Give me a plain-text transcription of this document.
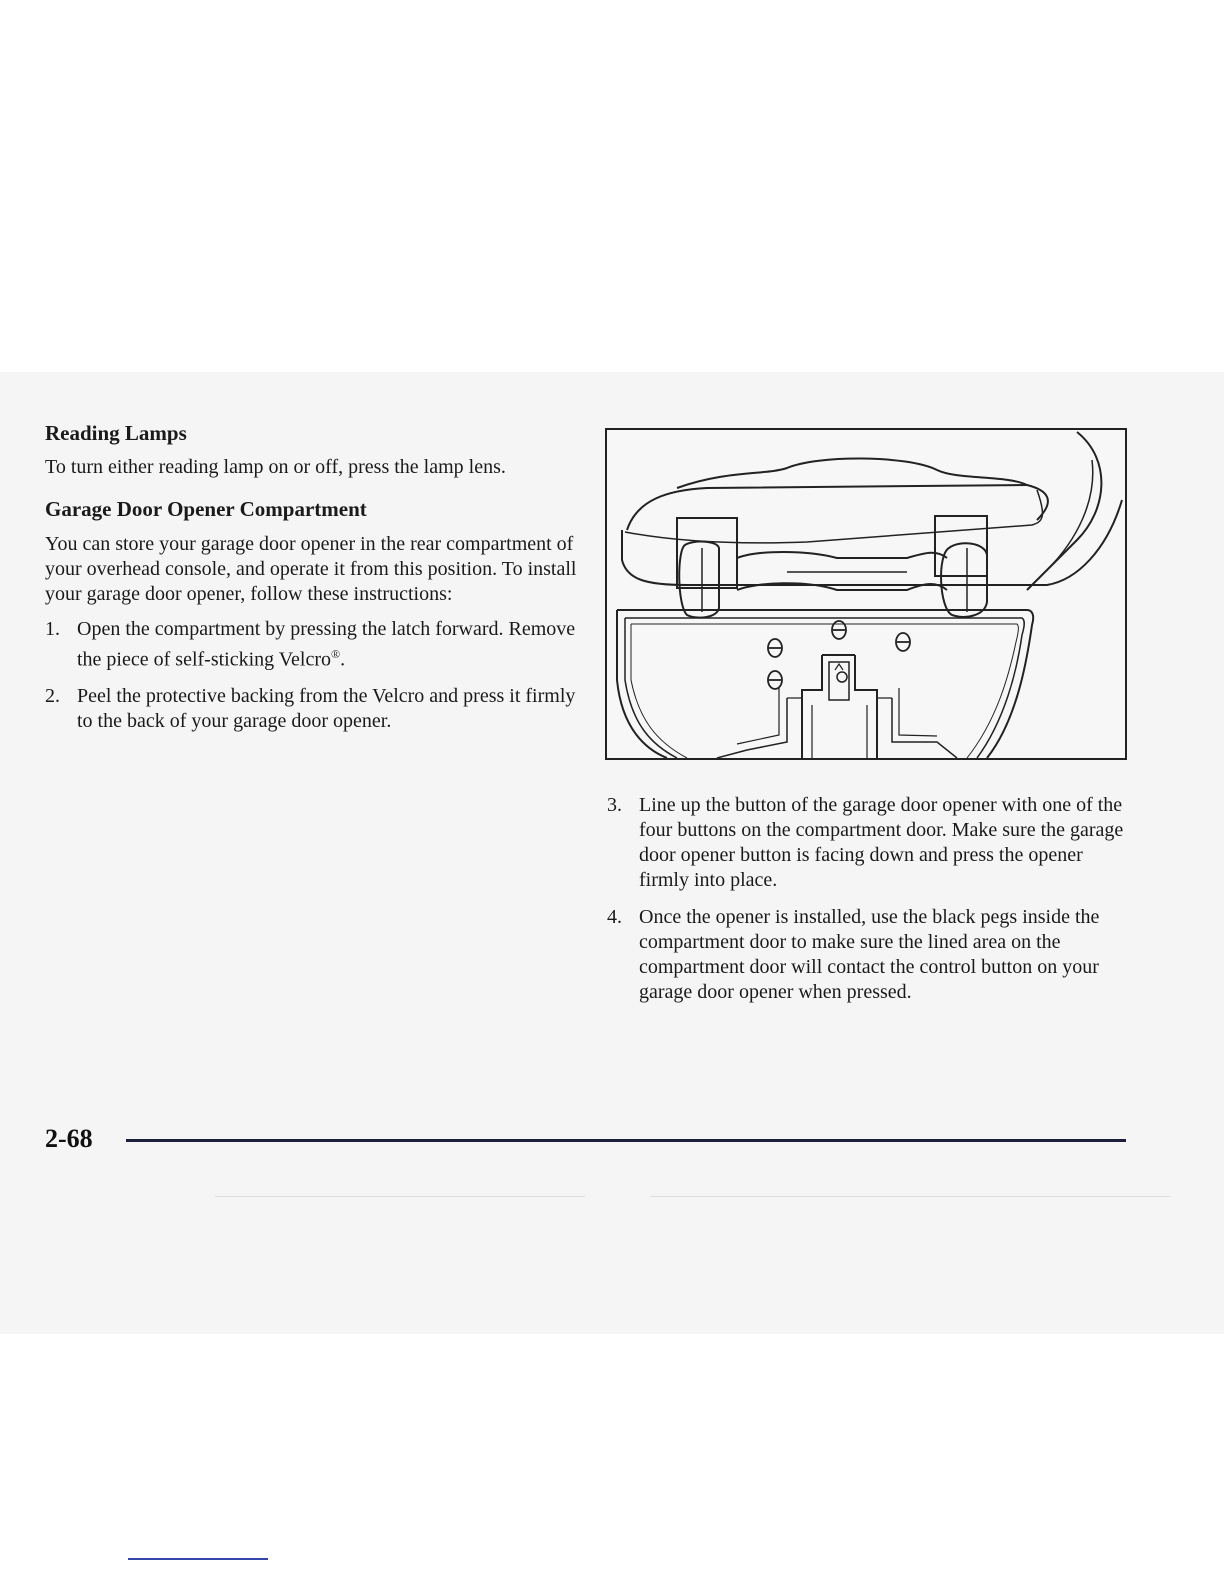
Reading Lamps

To turn either reading lamp on or off, press the lamp lens.

Garage Door Opener Compartment

You can store your garage door opener in the rear compartment of your overhead console, and operate it from this position. To install your garage door opener, follow these instructions:

1. Open the compartment by pressing the latch forward. Remove the piece of self-sticking Velcro®.
2. Peel the protective backing from the Velcro and press it firmly to the back of your garage door opener.
3. Line up the button of the garage door opener with one of the four buttons on the compartment door. Make sure the garage door opener button is facing down and press the opener firmly into place.
4. Once the opener is installed, use the black pegs inside the compartment door to make sure the lined area on the compartment door will contact the control button on your garage door opener when pressed.
2-68
